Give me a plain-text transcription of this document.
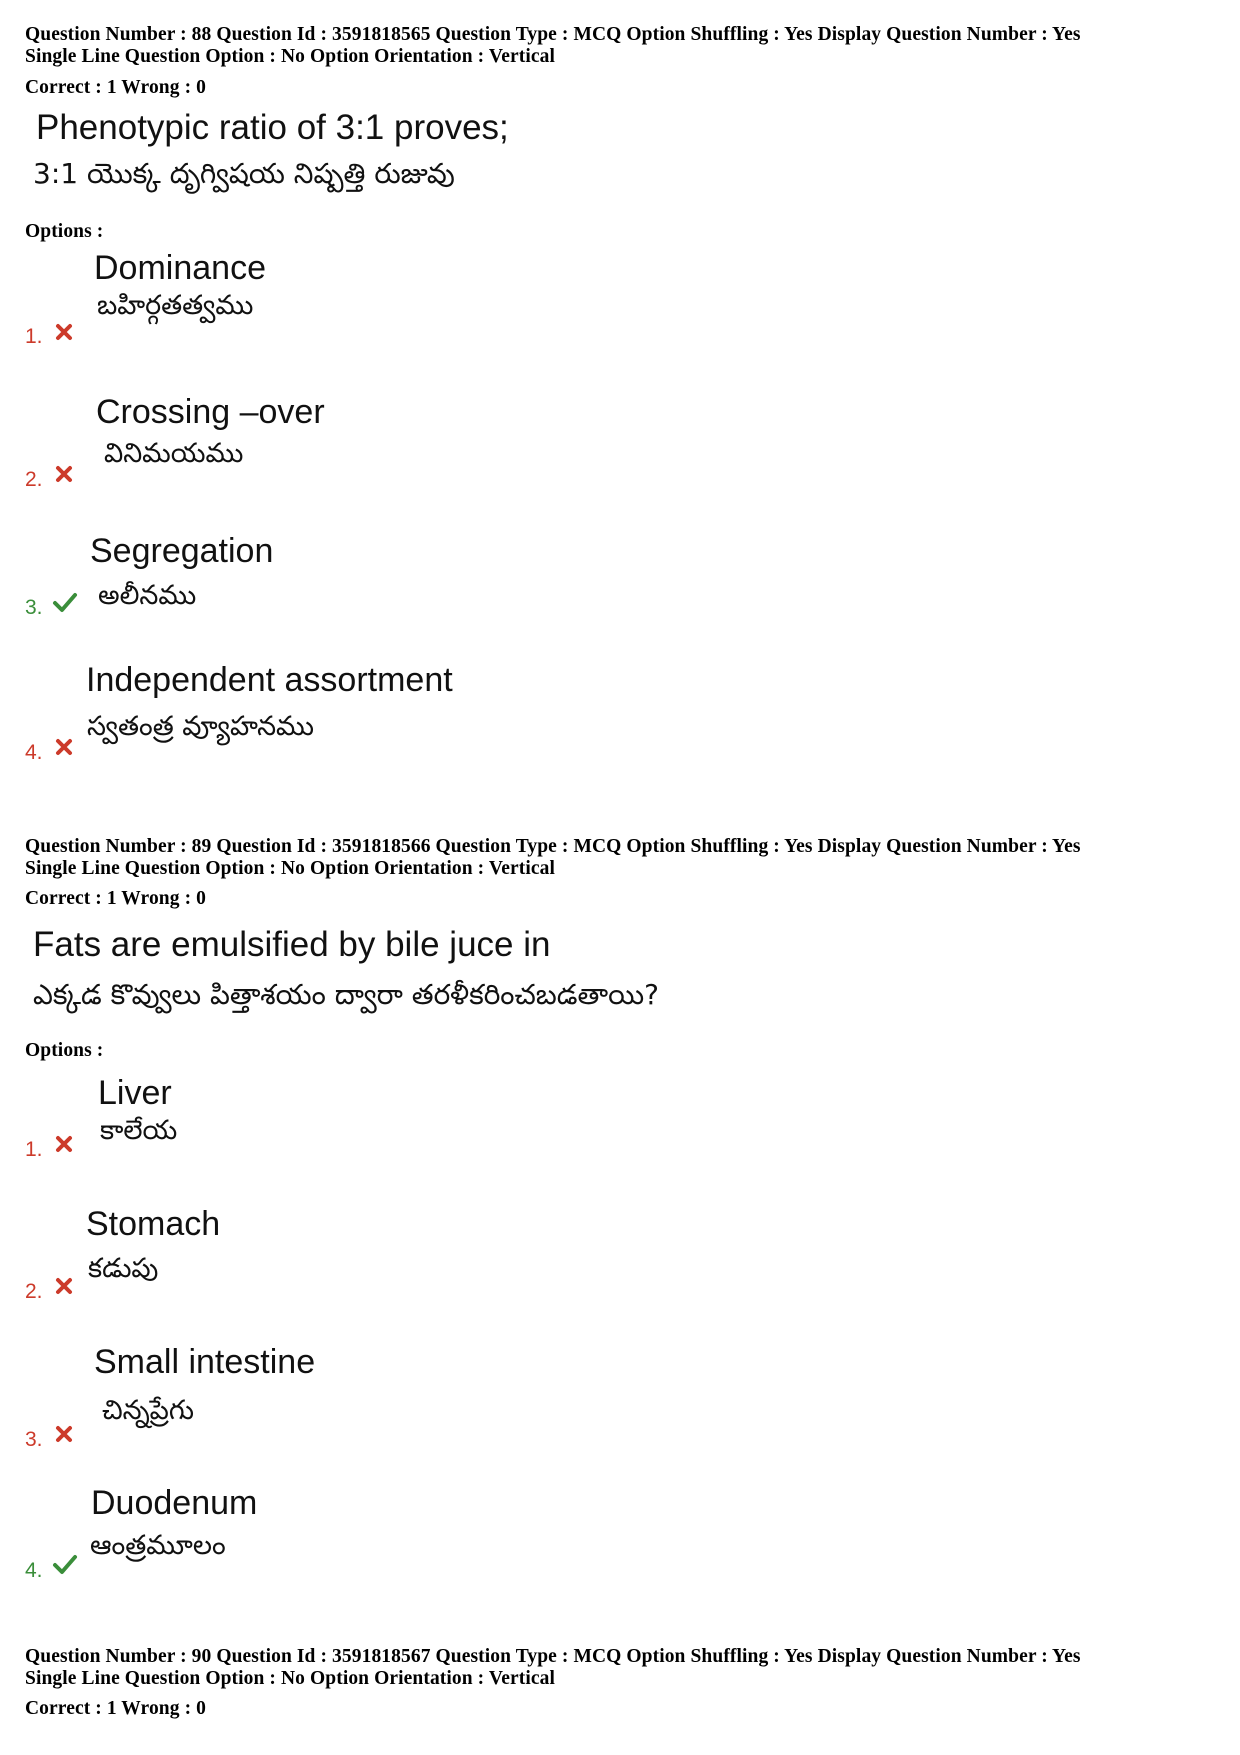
Question Number : 88 Question Id : 3591818565 Question Type : MCQ Option Shuffling : Yes Display Question Number : Yes
Single Line Question Option : No Option Orientation : Vertical
Correct : 1 Wrong : 0
Phenotypic ratio of 3:1 proves;
3:1 యొక్క దృగ్విషయ నిష్పత్తి రుజువు
Options :
Dominance
బహిర్గతత్వము
1.
Crossing –over
వినిమయము
2.
Segregation
అలీనము
3.
Independent assortment
స్వతంత్ర వ్యూహనము
4.
Question Number : 89 Question Id : 3591818566 Question Type : MCQ Option Shuffling : Yes Display Question Number : Yes
Single Line Question Option : No Option Orientation : Vertical
Correct : 1 Wrong : 0
Fats are emulsified by bile juce in
ఎక్కడ కొవ్వులు పిత్తాశయం ద్వారా తరళీకరించబడతాయి?
Options :
Liver
కాలేయ
1.
Stomach
కడుపు
2.
Small intestine
చిన్నప్రేగు
3.
Duodenum
ఆంత్రమూలం
4.
Question Number : 90 Question Id : 3591818567 Question Type : MCQ Option Shuffling : Yes Display Question Number : Yes
Single Line Question Option : No Option Orientation : Vertical
Correct : 1 Wrong : 0
